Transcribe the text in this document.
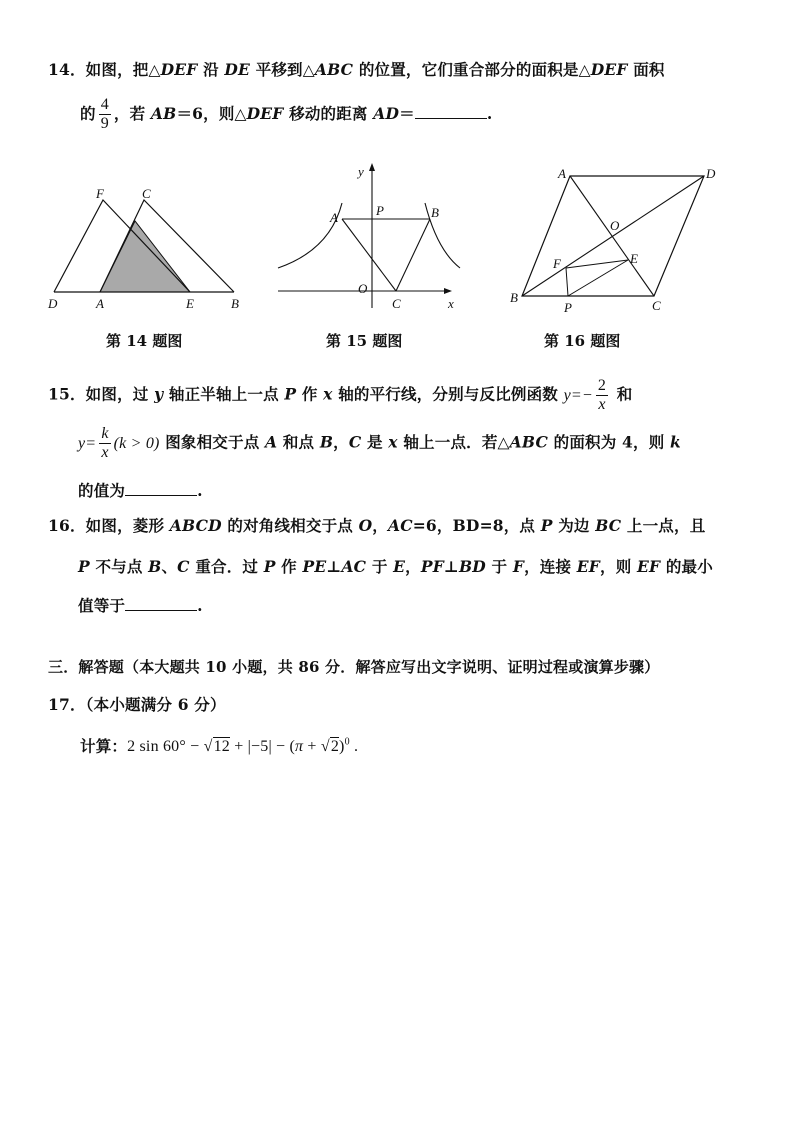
14．如图，把△DEF 沿 DE 平移到△ABC 的位置，它们重合部分的面积是△DEF 面积
的 $\frac{4}{9}$ ，若 AB＝6，则△DEF 移动的距离 AD＝	.
F	C
D	A	E	B
第 14 题图
y
A	P	B
O
C	x
第 15 题图
A	D
O
F	E
B
P	C
第 16 题图
15．如图，过 y 轴正半轴上一点 P 作 x 轴的平行线，分别与反比例函数 $y=- \frac{2}{x}$ 和
$y= \frac{k}{x} (k > 0)$ 图象相交于点 A 和点 B，C 是 x 轴上一点．若△ABC 的面积为 4，则 k
的值为	.
16．如图，菱形 ABCD 的对角线相交于点 O，AC=6，BD=8，点 P 为边 BC 上一点，且
P 不与点 B、C 重合．过 P 作 PE⊥AC 于 E，PF⊥BD 于 F，连接 EF，则 EF 的最小
值等于	.
三．解答题（本大题共 10 小题，共 86 分．解答应写出文字说明、证明过程或演算步骤）
17．（本小题满分 6 分）
计算：2 $\sin 60^\circ - √12 + |-5| - (\pi + √2)^0$ .
